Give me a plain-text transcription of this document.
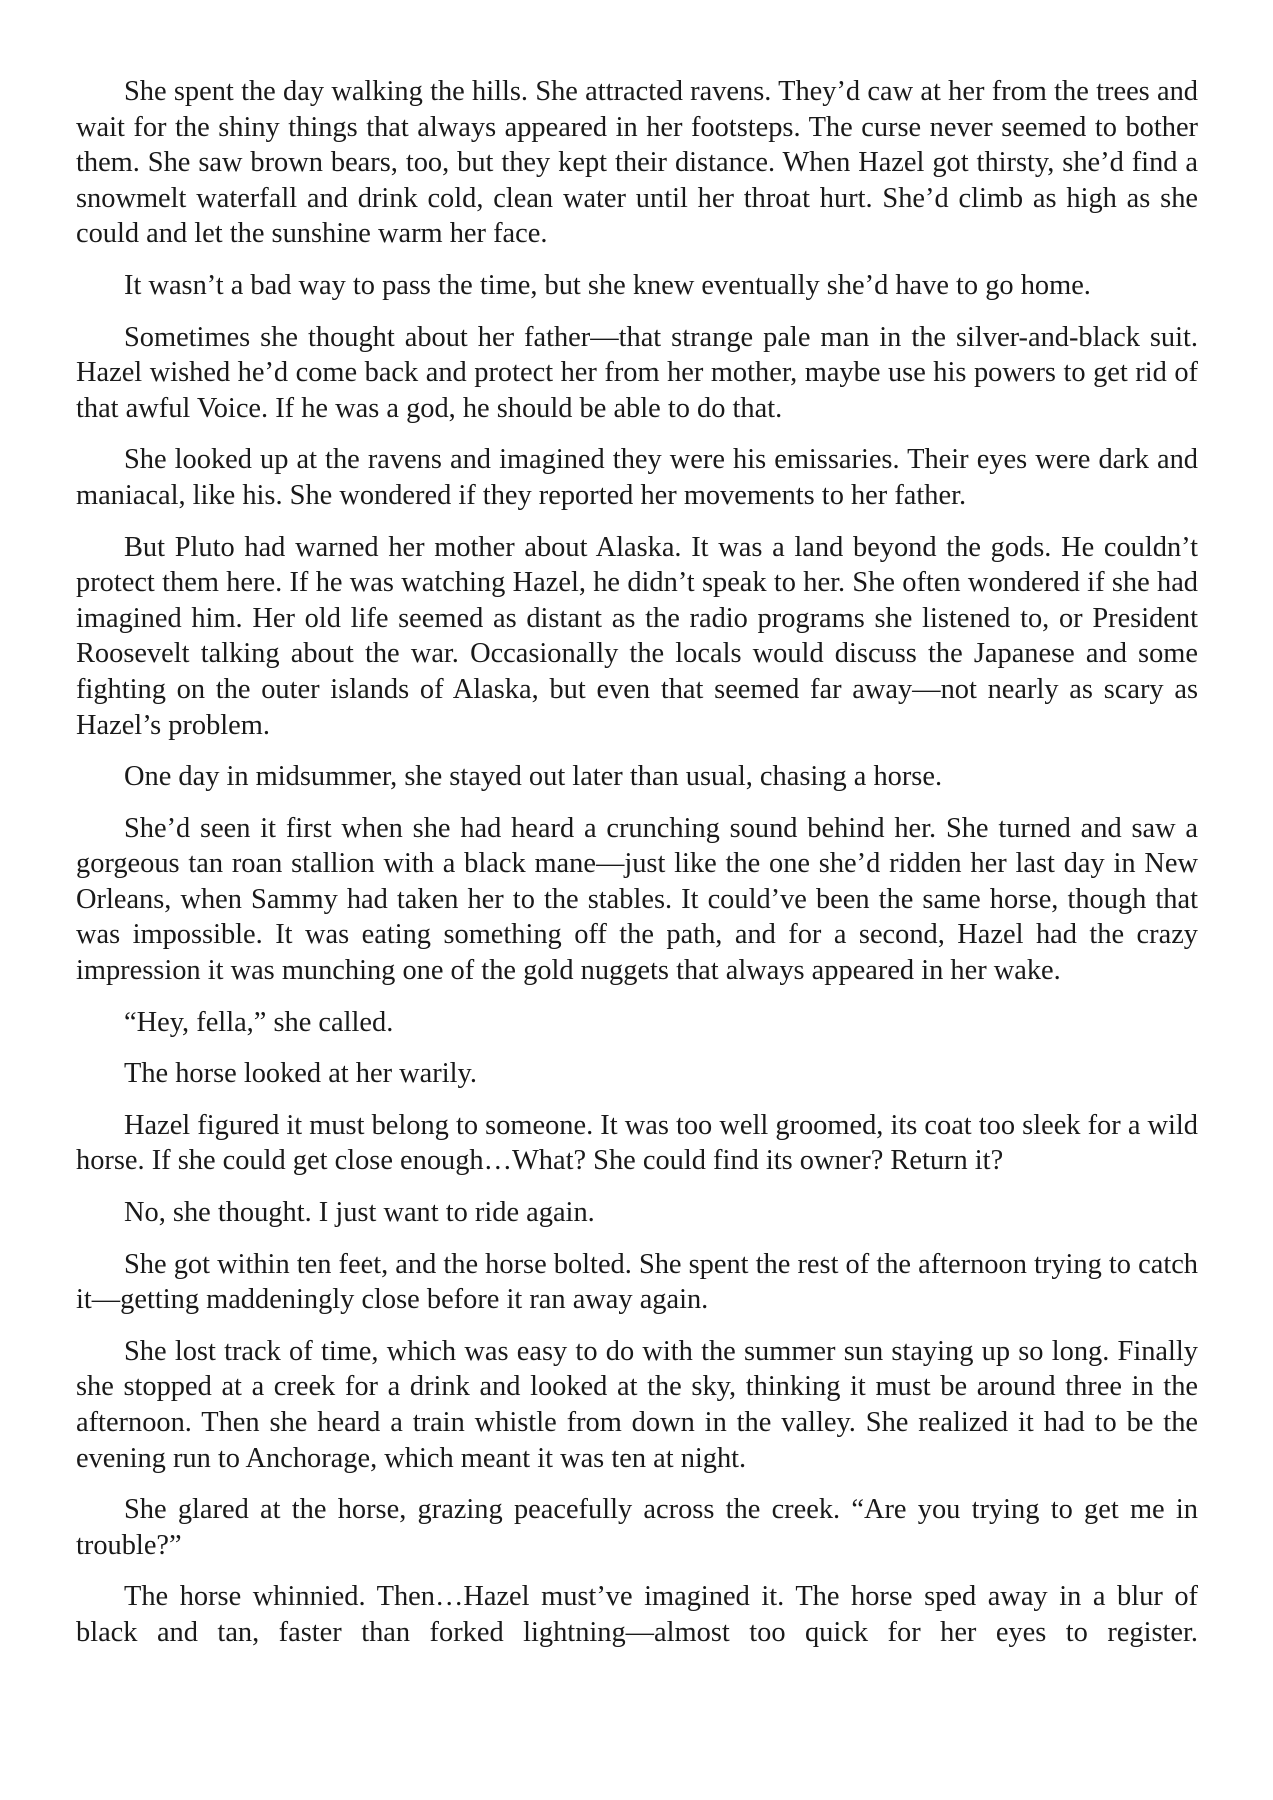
She spent the day walking the hills. She attracted ravens. They’d caw at her from the trees and wait for the shiny things that always appeared in her footsteps. The curse never seemed to bother them. She saw brown bears, too, but they kept their distance. When Hazel got thirsty, she’d find a snowmelt waterfall and drink cold, clean water until her throat hurt. She’d climb as high as she could and let the sunshine warm her face.

It wasn’t a bad way to pass the time, but she knew eventually she’d have to go home.

Sometimes she thought about her father—that strange pale man in the silver-and-black suit. Hazel wished he’d come back and protect her from her mother, maybe use his powers to get rid of that awful Voice. If he was a god, he should be able to do that.

She looked up at the ravens and imagined they were his emissaries. Their eyes were dark and maniacal, like his. She wondered if they reported her movements to her father.

But Pluto had warned her mother about Alaska. It was a land beyond the gods. He couldn’t protect them here. If he was watching Hazel, he didn’t speak to her. She often wondered if she had imagined him. Her old life seemed as distant as the radio programs she listened to, or President Roosevelt talking about the war. Occasionally the locals would discuss the Japanese and some fighting on the outer islands of Alaska, but even that seemed far away—not nearly as scary as Hazel’s problem.

One day in midsummer, she stayed out later than usual, chasing a horse.

She’d seen it first when she had heard a crunching sound behind her. She turned and saw a gorgeous tan roan stallion with a black mane—just like the one she’d ridden her last day in New Orleans, when Sammy had taken her to the stables. It could’ve been the same horse, though that was impossible. It was eating something off the path, and for a second, Hazel had the crazy impression it was munching one of the gold nuggets that always appeared in her wake.

“Hey, fella,” she called.

The horse looked at her warily.

Hazel figured it must belong to someone. It was too well groomed, its coat too sleek for a wild horse. If she could get close enough…What? She could find its owner? Return it?

No, she thought. I just want to ride again.

She got within ten feet, and the horse bolted. She spent the rest of the afternoon trying to catch it—getting maddeningly close before it ran away again.

She lost track of time, which was easy to do with the summer sun staying up so long. Finally she stopped at a creek for a drink and looked at the sky, thinking it must be around three in the afternoon. Then she heard a train whistle from down in the valley. She realized it had to be the evening run to Anchorage, which meant it was ten at night.

She glared at the horse, grazing peacefully across the creek. “Are you trying to get me in trouble?”

The horse whinnied. Then…Hazel must’ve imagined it. The horse sped away in a blur of black and tan, faster than forked lightning—almost too quick for her eyes to register.
